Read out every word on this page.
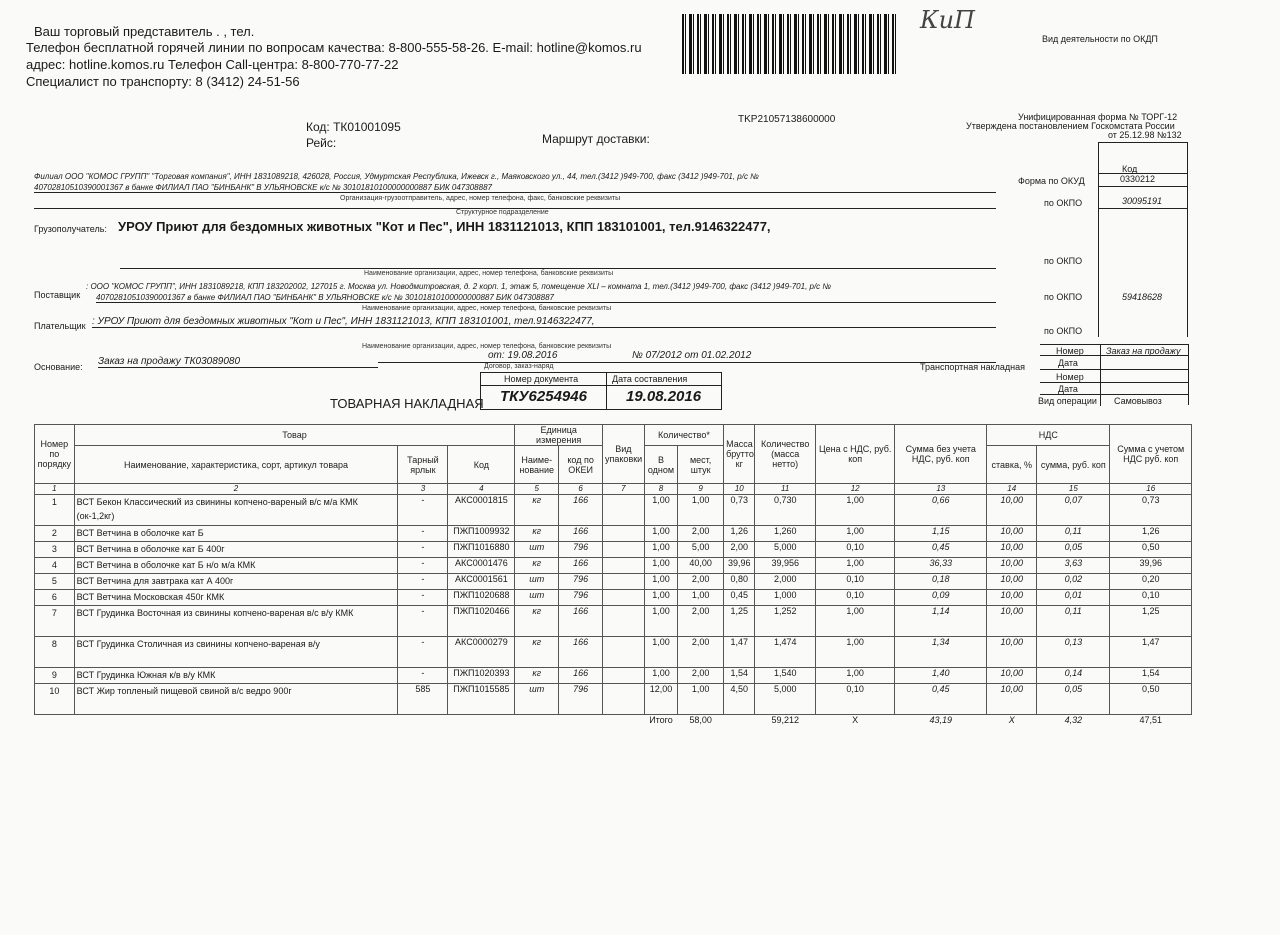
Ваш торговый представитель . , тел.
Телефон бесплатной горячей линии по вопросам качества: 8-800-555-58-26. E-mail: hotline@komos.ru
адрес: hotline.komos.ru Телефон Call-центра: 8-800-770-77-22
Специалист по транспорту: 8 (3412) 24-51-56
КиП
Вид деятельности по ОКДП
TKP21057138600000	Унифицированная форма № ТОРГ-12
Утверждена постановлением Госкомстата России
от 25.12.98 №132
Код: ТК01001095
Рейс:	Маршрут доставки:
Филиал ООО "КОМОС ГРУПП" "Торговая компания", ИНН 1831089218, 426028, Россия, Удмуртская Республика, Ижевск г., Маяковского ул., 44, тел.(3412 )949-700, факс (3412 )949-701, р/с №
40702810510390001367 в банке ФИЛИАЛ ПАО "БИНБАНК" В УЛЬЯНОВСКЕ к/с № 30101810100000000887 БИК 047308887
Организация-грузоотправитель, адрес, номер телефона, факс, банковские реквизиты
Структурное подразделение
Грузополучатель: УРОУ Приют для бездомных животных "Кот и Пес", ИНН 1831121013, КПП 183101001, тел.9146322477,
Наименование организации, адрес, номер телефона, банковские реквизиты
Поставщик
: ООО "КОМОС ГРУПП", ИНН 1831089218, КПП 183202002, 127015 г. Москва ул. Новодмитровская, д. 2 корп. 1, этаж 5, помещение XLI – комната 1, тел.(3412 )949-700, факс (3412 )949-701, р/с №
40702810510390001367 в банке ФИЛИАЛ ПАО "БИНБАНК" В УЛЬЯНОВСКЕ к/с № 30101810100000000887 БИК 047308887
Наименование организации, адрес, номер телефона, банковские реквизиты
Плательщик : УРОУ Приют для бездомных животных "Кот и Пес", ИНН 1831121013, КПП 183101001, тел.9146322477,
Наименование организации, адрес, номер телефона, банковские реквизиты
Основание: Заказ на продажу ТК03089080
от: 19.08.2016	№ 07/2012 от 01.02.2012
Договор, заказ-наряд	Транспортная накладная
Код
Форма по ОКУД
по ОКПО
по ОКПО
по ОКПО
по ОКПО
0330212
30095191
59418628
Номер Заказ на продажу
Дата
Номер
Дата
Вид операции Самовывоз
ТОВАРНАЯ НАКЛАДНАЯ
Номер документа	Дата составления
ТКУ6254946	19.08.2016
Номер по порядку	Товар			Единица измерения		Вид упаковки	Количество*		Масса брутто кг	Количество (масса нетто)	Цена с НДС, руб. коп	Сумма без учета НДС, руб. коп	НДС		Сумма с учетом НДС руб. коп
	Наименование, характеристика, сорт, артикул товара	Тарный ярлык	Код	Наиме-нование	код по ОКЕИ		В одном	мест, штук					ставка, %	сумма, руб. коп	
1	2	3	4	5	6	7	8	9	10	11	12	13	14	15	16
1	ВСТ Бекон Классический из свинины копчено-вареный в/с м/а КМК (ок-1,2кг)	-	АКС0001815	кг	166		1,00	1,00	0,73	0,730	1,00	0,66	10,00	0,07	0,73
2	ВСТ Ветчина в оболочке кат Б	-	ПЖП1009932	кг	166		1,00	2,00	1,26	1,260	1,00	1,15	10,00	0,11	1,26
3	ВСТ Ветчина в оболочке кат Б 400г	-	ПЖП1016880	шт	796		1,00	5,00	2,00	5,000	0,10	0,45	10,00	0,05	0,50
4	ВСТ Ветчина в оболочке кат Б н/о м/а КМК	-	АКС0001476	кг	166		1,00	40,00	39,96	39,956	1,00	36,33	10,00	3,63	39,96
5	ВСТ Ветчина для завтрака кат А 400г	-	АКС0001561	шт	796		1,00	2,00	0,80	2,000	0,10	0,18	10,00	0,02	0,20
6	ВСТ Ветчина Московская 450г КМК	-	ПЖП1020688	шт	796		1,00	1,00	0,45	1,000	0,10	0,09	10,00	0,01	0,10
7	ВСТ Грудинка Восточная из свинины копчено-вареная в/с в/у КМК	-	ПЖП1020466	кг	166		1,00	2,00	1,25	1,252	1,00	1,14	10,00	0,11	1,25
8	ВСТ Грудинка Столичная из свинины копчено-вареная в/у	-	АКС0000279	кг	166		1,00	2,00	1,47	1,474	1,00	1,34	10,00	0,13	1,47
9	ВСТ Грудинка Южная к/в в/у КМК	-	ПЖП1020393	кг	166		1,00	2,00	1,54	1,540	1,00	1,40	10,00	0,14	1,54
10	ВСТ Жир топленый пищевой свиной в/с ведро 900г	585	ПЖП1015585	шт	796		12,00	1,00	4,50	5,000	0,10	0,45	10,00	0,05	0,50
							Итого	58,00		59,212	X	43,19	X	4,32	47,51
